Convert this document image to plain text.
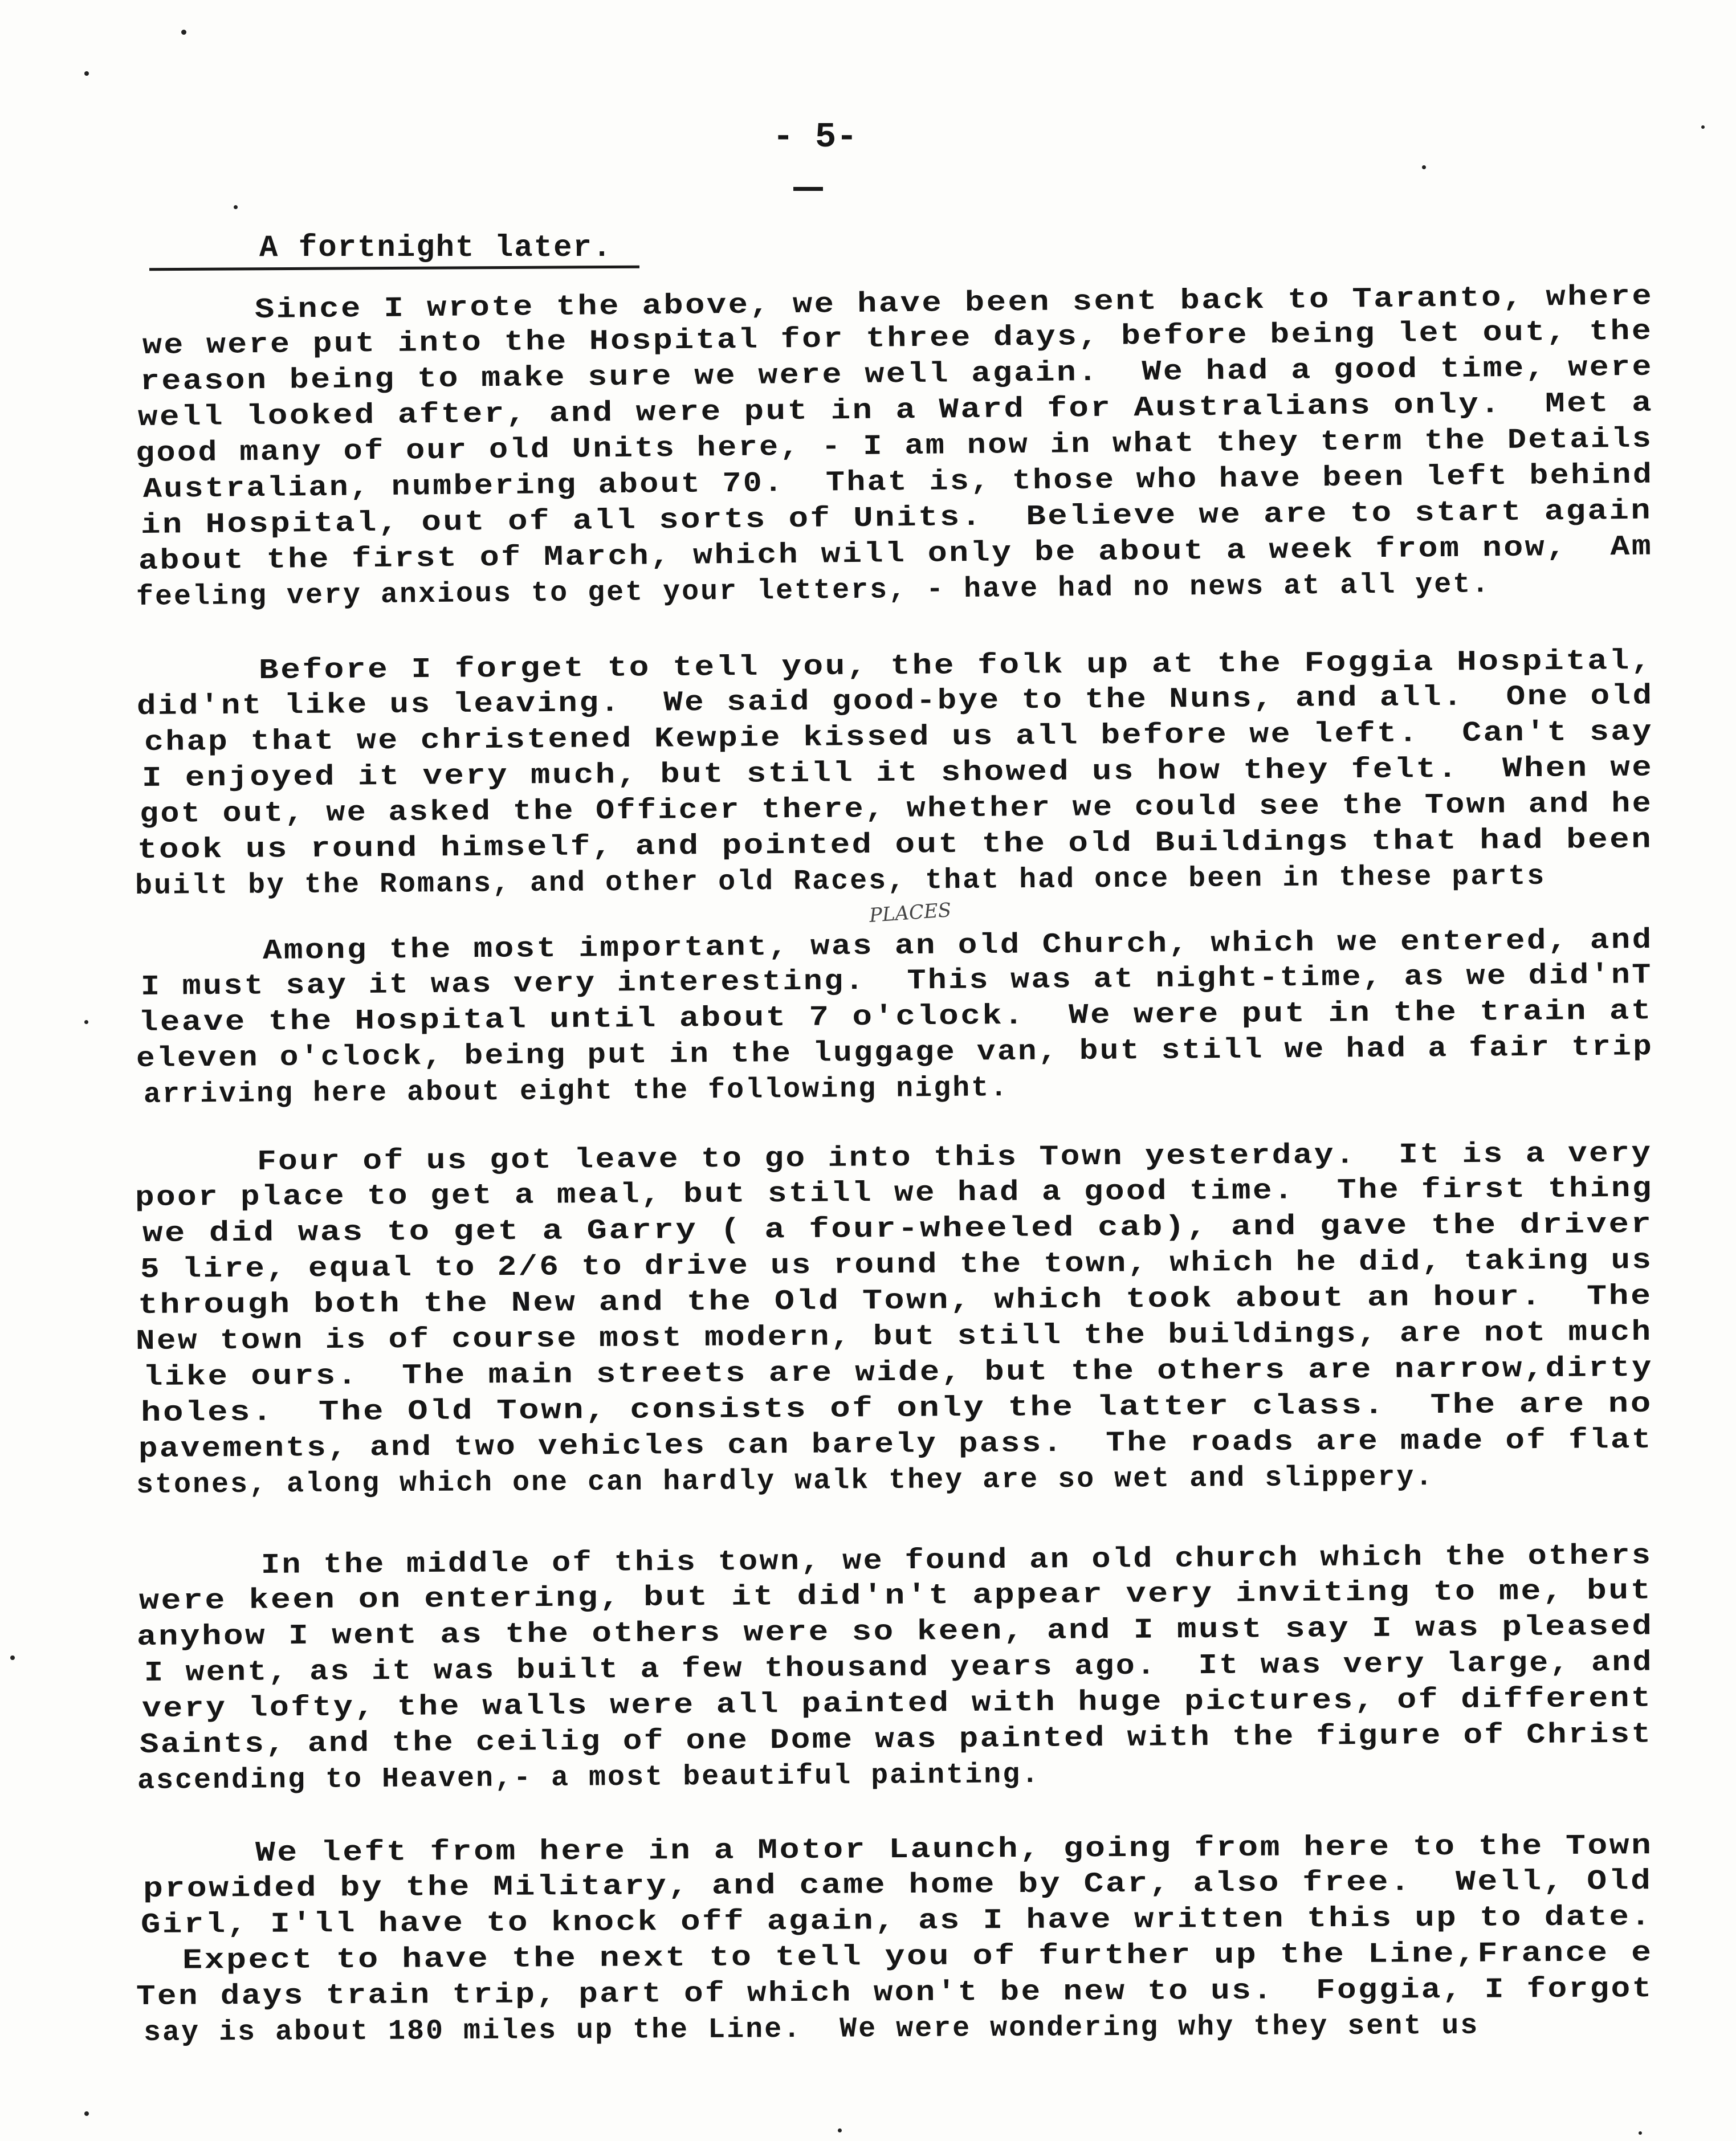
- 5-
A fortnight later.
Since I wrote the above, we have been sent back to Taranto, where
we were put into the Hospital for three days, before being let out, the
reason being to make sure we were well again.  We had a good time, were
well looked after, and were put in a Ward for Australians only.  Met a
good many of our old Units here, - I am now in what they term the Details
Australian, numbering about 70.  That is, those who have been left behind
in Hospital, out of all sorts of Units.  Believe we are to start again
about the first of March, which will only be about a week from now,  Am
feeling very anxious to get your letters, - have had no news at all yet.
Before I forget to tell you, the folk up at the Foggia Hospital,
did'nt like us leaving.  We said good-bye to the Nuns, and all.  One old
chap that we christened Kewpie kissed us all before we left.  Can't say
I enjoyed it very much, but still it showed us how they felt.  When we
got out, we asked the Officer there, whether we could see the Town and he
took us round himself, and pointed out the old Buildings that had been
built by the Romans, and other old Races, that had once been in these parts
Among the most important, was an old Church, which we entered, and
I must say it was very interesting.  This was at night-time, as we did'nT
leave the Hospital until about 7 o'clock.  We were put in the train at
eleven o'clock, being put in the luggage van, but still we had a fair trip
arriving here about eight the following night.
Four of us got leave to go into this Town yesterday.  It is a very
poor place to get a meal, but still we had a good time.  The first thing
we did was to get a Garry ( a four-wheeled cab), and gave the driver
5 lire, equal to 2/6 to drive us round the town, which he did, taking us
through both the New and the Old Town, which took about an hour.  The
New town is of course most modern, but still the buildings, are not much
like ours.  The main streets are wide, but the others are narrow,dirty
holes.  The Old Town, consists of only the latter class.  The are no
pavements, and two vehicles can barely pass.  The roads are made of flat
stones, along which one can hardly walk they are so wet and slippery.
In the middle of this town, we found an old church which the others
were keen on entering, but it did'n't appear very inviting to me, but
anyhow I went as the others were so keen, and I must say I was pleased
I went, as it was built a few thousand years ago.  It was very large, and
very lofty, the walls were all painted with huge pictures, of different
Saints, and the ceilig of one Dome was painted with the figure of Christ
ascending to Heaven,- a most beautiful painting.
We left from here in a Motor Launch, going from here to the Town
prowided by the Military, and came home by Car, also free.  Well, Old
Girl, I'll have to knock off again, as I have written this up to date.
Expect to have the next to tell you of further up the Line,France e
Ten days train trip, part of which won't be new to us.  Foggia, I forgot
say is about 180 miles up the Line.  We were wondering why they sent us
PLACES
